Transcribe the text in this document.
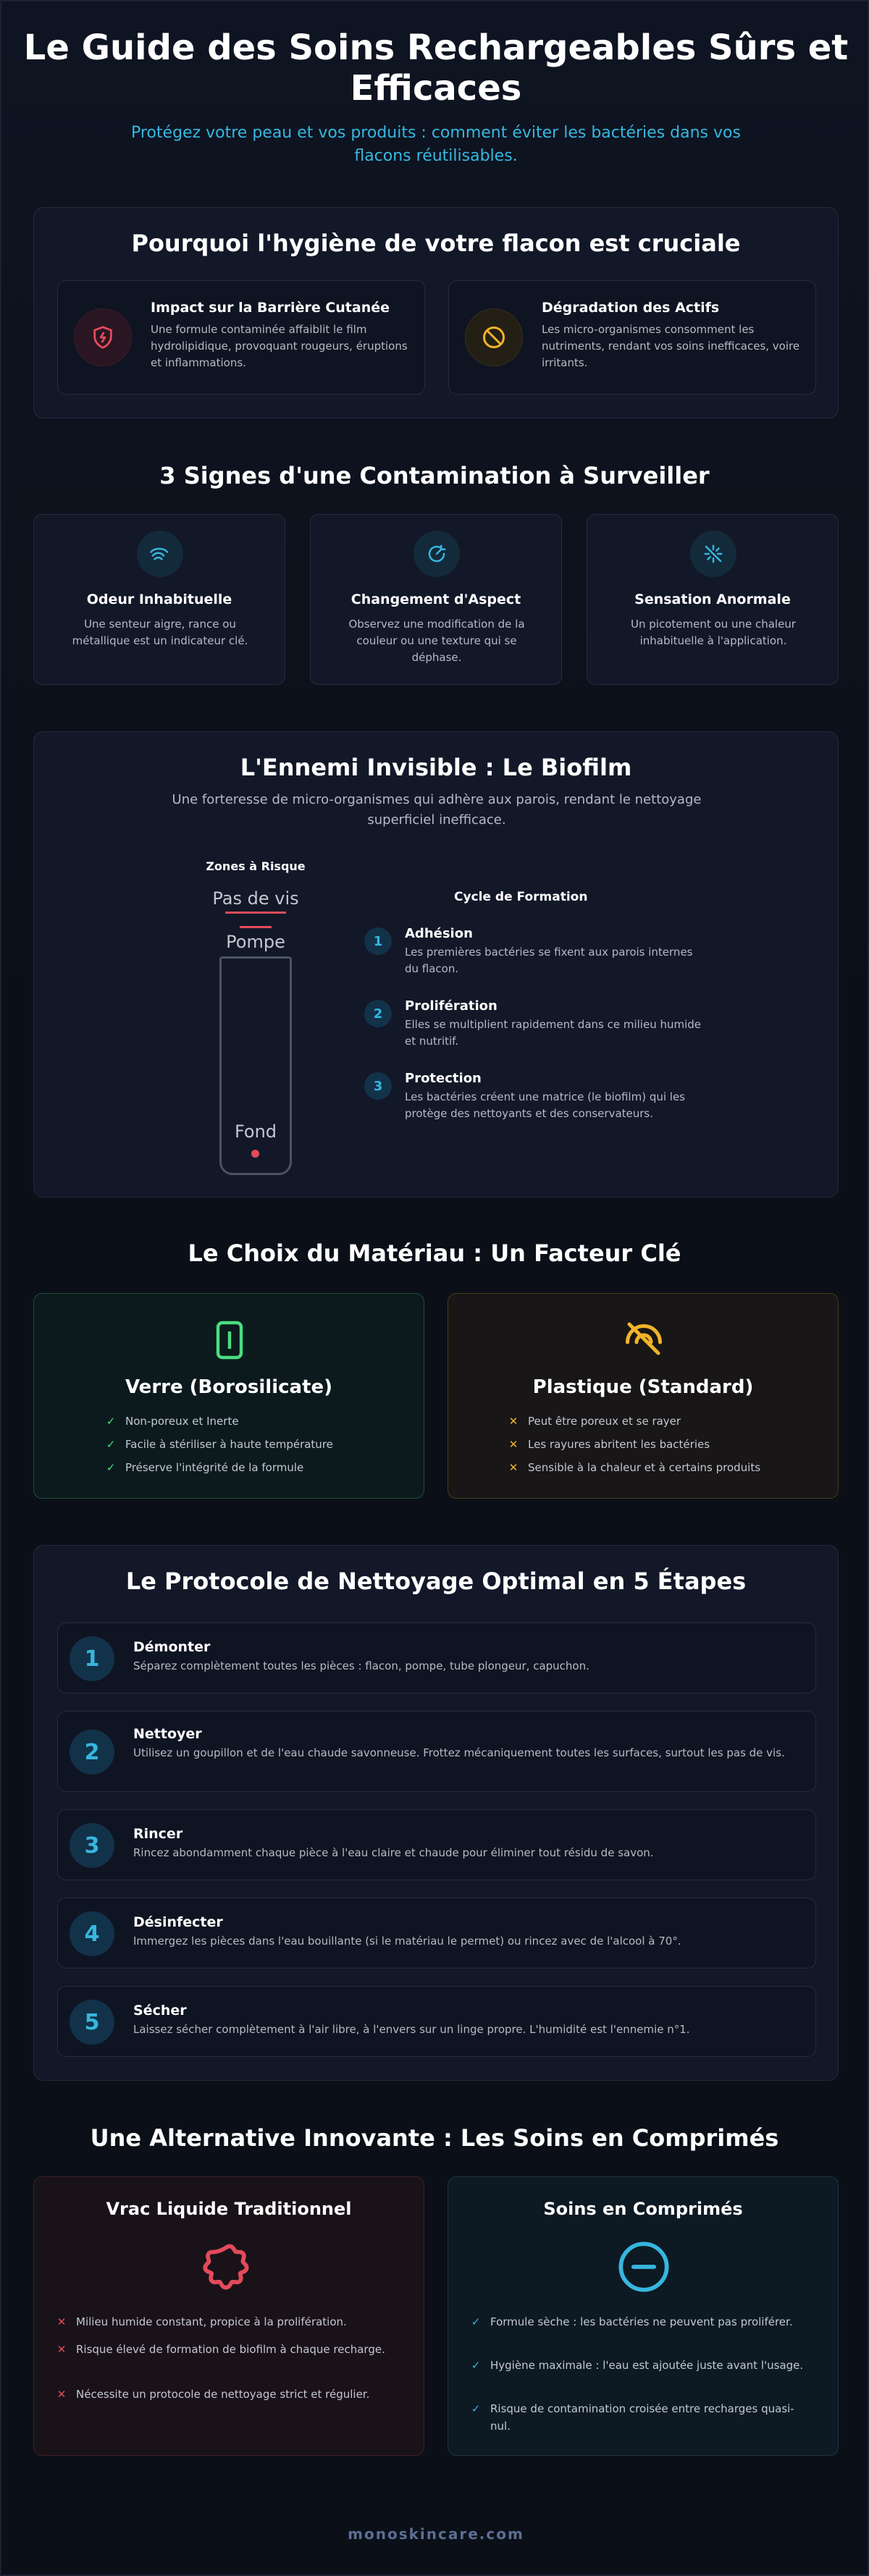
Le Guide des Soins Rechargeables Sûrs et Efficaces

Protégez votre peau et vos produits : comment éviter les bactéries dans vos flacons réutilisables.

Pourquoi l'hygiène de votre flacon est cruciale
Impact sur la Barrière Cutanée
Une formule contaminée affaiblit le film hydrolipidique, provoquant rougeurs, éruptions et inflammations.
Dégradation des Actifs
Les micro-organismes consomment les nutriments, rendant vos soins inefficaces, voire irritants.
3 Signes d'une Contamination à Surveiller
Odeur Inhabituelle
Une senteur aigre, rance ou métallique est un indicateur clé.
Changement d'Aspect
Observez une modification de la couleur ou une texture qui se déphase.
Sensation Anormale
Un picotement ou une chaleur inhabituelle à l'application.
L'Ennemi Invisible : Le Biofilm
Une forteresse de micro-organismes qui adhère aux parois, rendant le nettoyage superficiel inefficace.
Zones à Risque
Pas de vis
Pompe
Fond
Cycle de Formation
1	Adhésion
Les premières bactéries se fixent aux parois internes du flacon.
2	Prolifération
Elles se multiplient rapidement dans ce milieu humide et nutritif.
3	Protection
Les bactéries créent une matrice (le biofilm) qui les protège des nettoyants et des conservateurs.
Le Choix du Matériau : Un Facteur Clé
Verre (Borosilicate)
✓ Non-poreux et Inerte
✓ Facile à stériliser à haute température
✓ Préserve l'intégrité de la formule
Plastique (Standard)
✕ Peut être poreux et se rayer
✕ Les rayures abritent les bactéries
✕ Sensible à la chaleur et à certains produits
Le Protocole de Nettoyage Optimal en 5 Étapes
1	Démonter
Séparez complètement toutes les pièces : flacon, pompe, tube plongeur, capuchon.
2
Nettoyer
Utilisez un goupillon et de l'eau chaude savonneuse. Frottez mécaniquement toutes les surfaces, surtout les pas de vis.
3	Rincer
Rincez abondamment chaque pièce à l'eau claire et chaude pour éliminer tout résidu de savon.
4	Désinfecter
Immergez les pièces dans l'eau bouillante (si le matériau le permet) ou rincez avec de l'alcool à 70°.
5	Sécher
Laissez sécher complètement à l'air libre, à l'envers sur un linge propre. L'humidité est l'ennemie n°1.
Une Alternative Innovante : Les Soins en Comprimés
Vrac Liquide Traditionnel
✕ Milieu humide constant, propice à la prolifération.
✕ Risque élevé de formation de biofilm à chaque recharge.
✕ Nécessite un protocole de nettoyage strict et régulier.
Soins en Comprimés
✓ Formule sèche : les bactéries ne peuvent pas proliférer.
✓ Hygiène maximale : l'eau est ajoutée juste avant l'usage.
✓ Risque de contamination croisée entre recharges quasi-nul.
monoskincare.com
